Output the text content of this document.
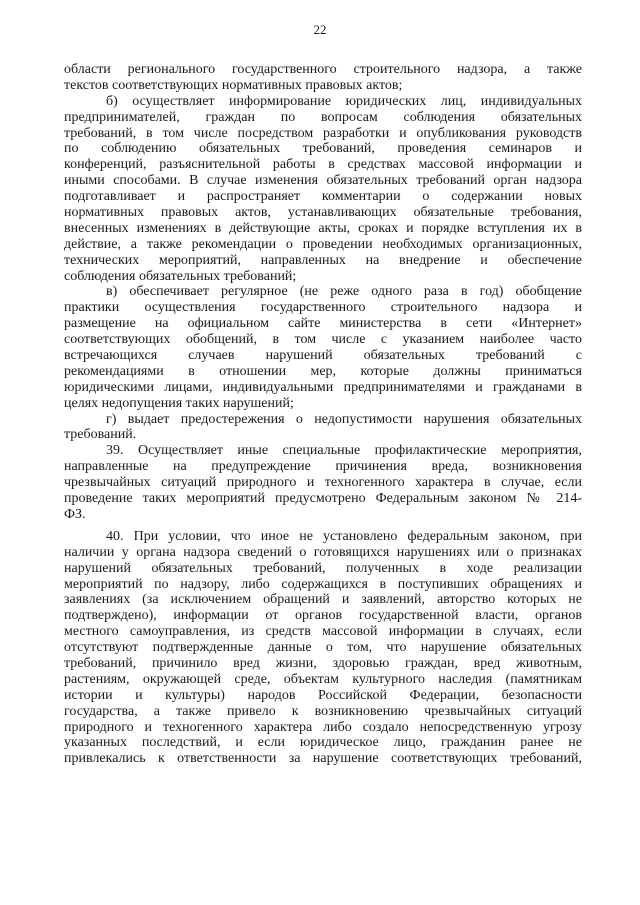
22
области регионального государственного строительного надзора, а также
текстов соответствующих нормативных правовых актов;
б) осуществляет информирование юридических лиц, индивидуальных
предпринимателей, граждан по вопросам соблюдения обязательных
требований, в том числе посредством разработки и опубликования руководств
по соблюдению обязательных требований, проведения семинаров и
конференций, разъяснительной работы в средствах массовой информации и
иными способами. В случае изменения обязательных требований орган надзора
подготавливает и распространяет комментарии о содержании новых
нормативных правовых актов, устанавливающих обязательные требования,
внесенных изменениях в действующие акты, сроках и порядке вступления их в
действие, а также рекомендации о проведении необходимых организационных,
технических мероприятий, направленных на внедрение и обеспечение
соблюдения обязательных требований;
в) обеспечивает регулярное (не реже одного раза в год) обобщение
практики осуществления государственного строительного надзора и
размещение на официальном сайте министерства в сети «Интернет»
соответствующих обобщений, в том числе с указанием наиболее часто
встречающихся случаев нарушений обязательных требований с
рекомендациями в отношении мер, которые должны приниматься
юридическими лицами, индивидуальными предпринимателями и гражданами в
целях недопущения таких нарушений;
г) выдает предостережения о недопустимости нарушения обязательных
требований.
39. Осуществляет иные специальные профилактические мероприятия,
направленные на предупреждение причинения вреда, возникновения
чрезвычайных ситуаций природного и техногенного характера в случае, если
проведение таких мероприятий предусмотрено Федеральным законом № 214-
ФЗ.
40. При условии, что иное не установлено федеральным законом, при
наличии у органа надзора сведений о готовящихся нарушениях или о признаках
нарушений обязательных требований, полученных в ходе реализации
мероприятий по надзору, либо содержащихся в поступивших обращениях и
заявлениях (за исключением обращений и заявлений, авторство которых не
подтверждено), информации от органов государственной власти, органов
местного самоуправления, из средств массовой информации в случаях, если
отсутствуют подтвержденные данные о том, что нарушение обязательных
требований, причинило вред жизни, здоровью граждан, вред животным,
растениям, окружающей среде, объектам культурного наследия (памятникам
истории и культуры) народов Российской Федерации, безопасности
государства, а также привело к возникновению чрезвычайных ситуаций
природного и техногенного характера либо создало непосредственную угрозу
указанных последствий, и если юридическое лицо, гражданин ранее не
привлекались к ответственности за нарушение соответствующих требований,
